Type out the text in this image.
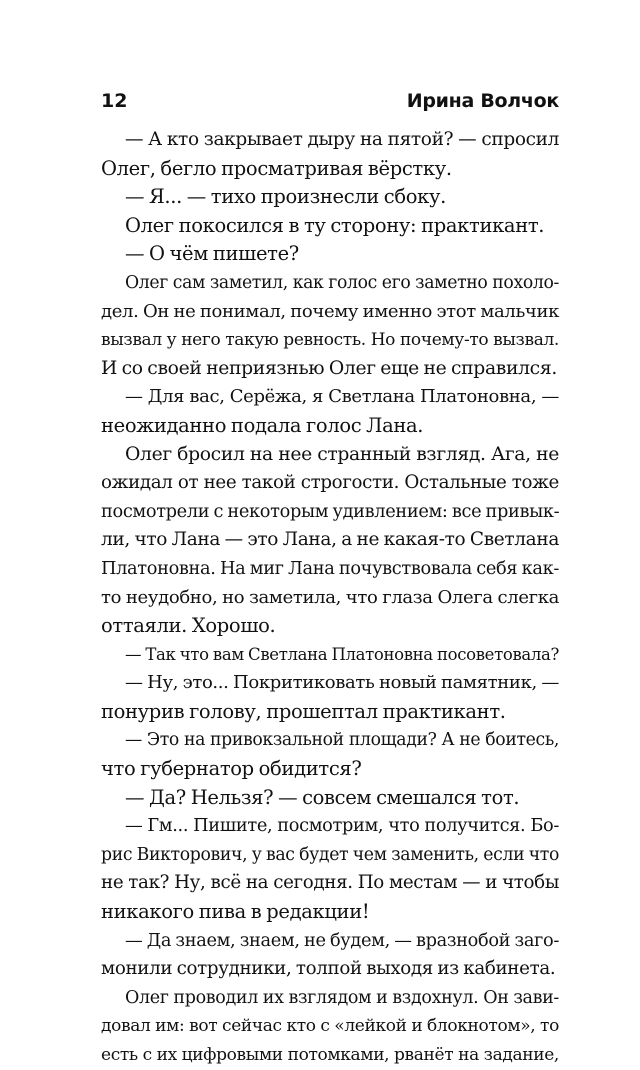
12	Ирина Волчок
— А кто закрывает дыру на пятой? — спросил
Олег, бегло просматривая вёрстку.
— Я... — тихо произнесли сбоку.
Олег покосился в ту сторону: практикант.
— О чём пишете?
Олег сам заметил, как голос его заметно похоло-
дел. Он не понимал, почему именно этот мальчик
вызвал у него такую ревность. Но почему-то вызвал.
И со своей неприязнью Олег еще не справился.
— Для вас, Серёжа, я Светлана Платоновна, —
неожиданно подала голос Лана.
Олег бросил на нее странный взгляд. Ага, не
ожидал от нее такой строгости. Остальные тоже
посмотрели с некоторым удивлением: все привык-
ли, что Лана — это Лана, а не какая-то Светлана
Платоновна. На миг Лана почувствовала себя как-
то неудобно, но заметила, что глаза Олега слегка
оттаяли. Хорошо.
— Так что вам Светлана Платоновна посоветовала?
— Ну, это... Покритиковать новый памятник, —
понурив голову, прошептал практикант.
— Это на привокзальной площади? А не боитесь,
что губернатор обидится?
— Да? Нельзя? — совсем смешался тот.
— Гм... Пишите, посмотрим, что получится. Бо-
рис Викторович, у вас будет чем заменить, если что
не так? Ну, всё на сегодня. По местам — и чтобы
никакого пива в редакции!
— Да знаем, знаем, не будем, — вразнобой заго-
монили сотрудники, толпой выходя из кабинета.
Олег проводил их взглядом и вздохнул. Он зави-
довал им: вот сейчас кто с «лейкой и блокнотом», то
есть с их цифровыми потомками, рванёт на задание,
